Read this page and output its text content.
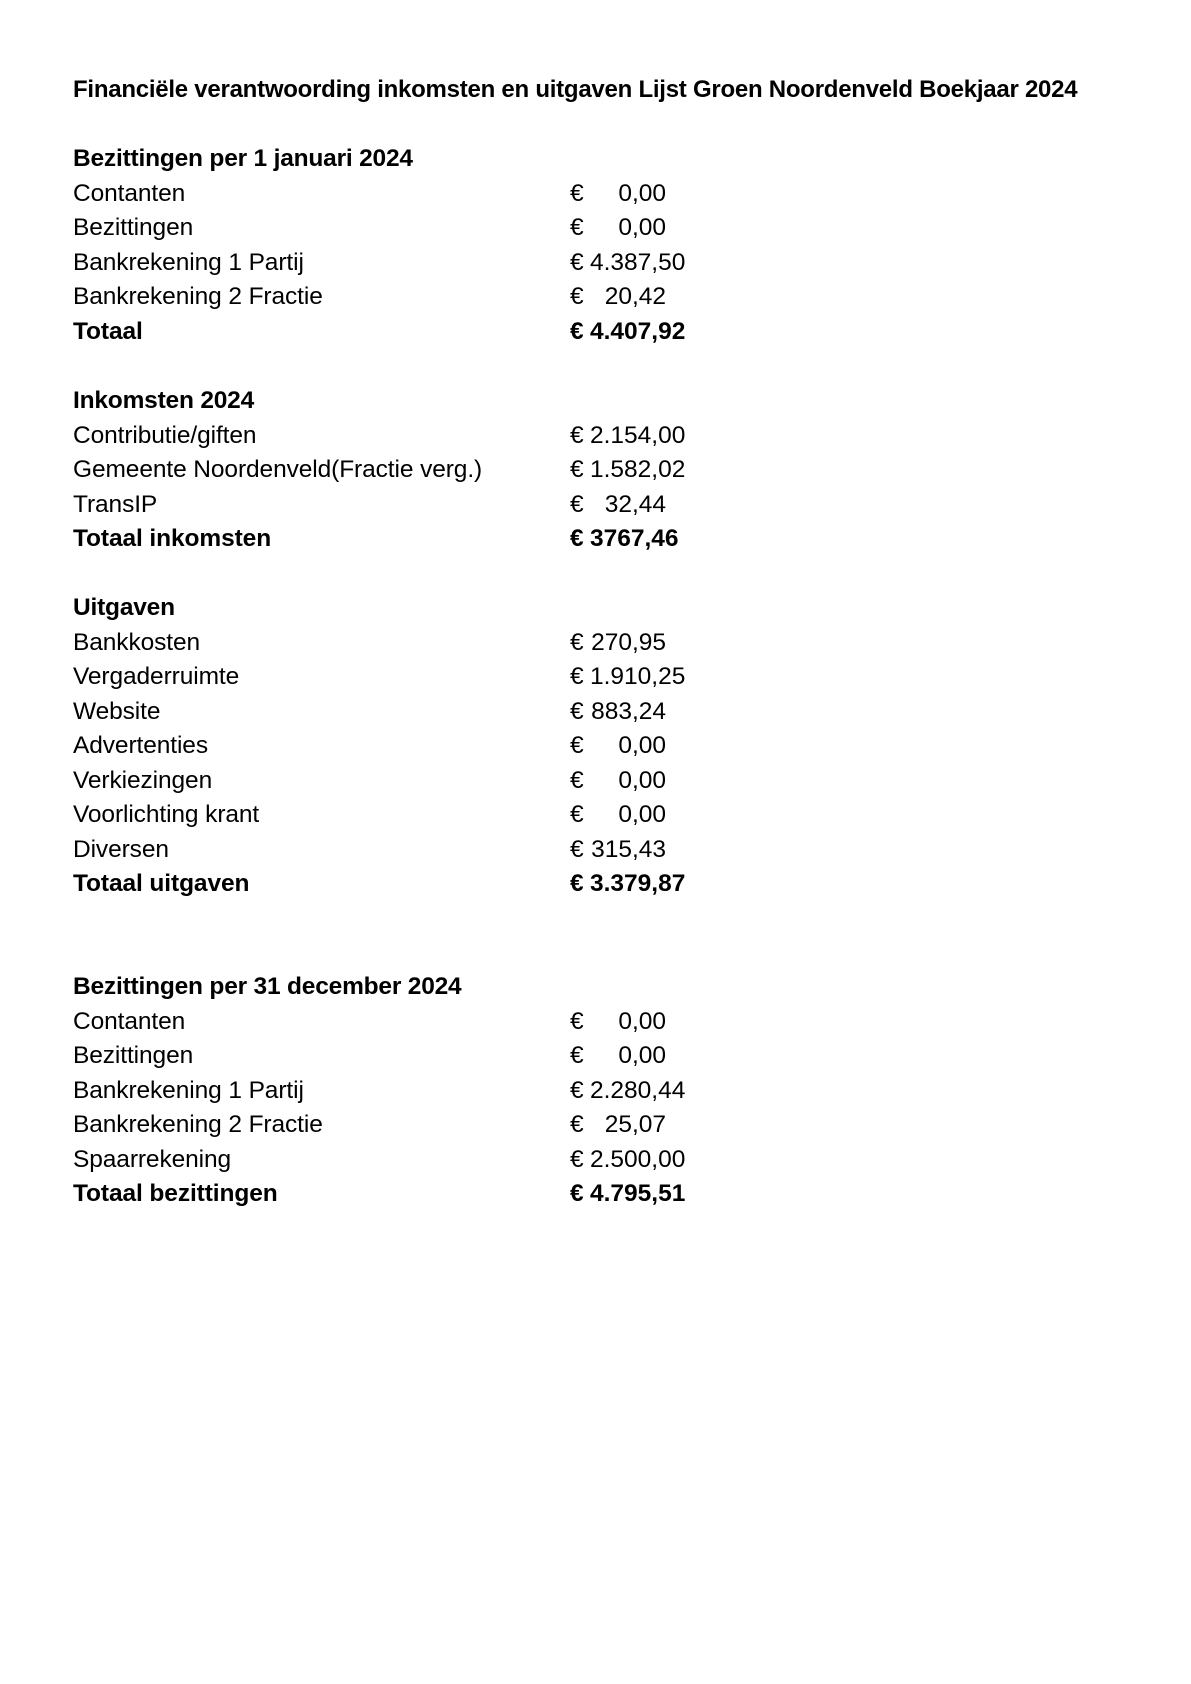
Financiële verantwoording inkomsten en uitgaven Lijst Groen Noordenveld Boekjaar 2024
Bezittingen per 1 januari 2024
Contanten	€	0,00
Bezittingen	€	0,00
Bankrekening 1 Partij	€ 4.387,50
Bankrekening 2 Fractie	€ 20,42
Totaal	€ 4.407,92
Inkomsten 2024
Contributie/giften	€ 2.154,00
Gemeente Noordenveld(Fractie verg.)	€ 1.582,02
TransIP	€ 32,44
Totaal inkomsten	€ 3767,46
Uitgaven
Bankkosten	€ 270,95
Vergaderruimte	€ 1.910,25
Website	€ 883,24
Advertenties	€	0,00
Verkiezingen	€	0,00
Voorlichting krant	€	0,00
Diversen	€ 315,43
Totaal uitgaven	€ 3.379,87
Bezittingen per 31 december 2024
Contanten	€	0,00
Bezittingen	€	0,00
Bankrekening 1 Partij	€ 2.280,44
Bankrekening 2 Fractie	€ 25,07
Spaarrekening	€ 2.500,00
Totaal bezittingen	€ 4.795,51
